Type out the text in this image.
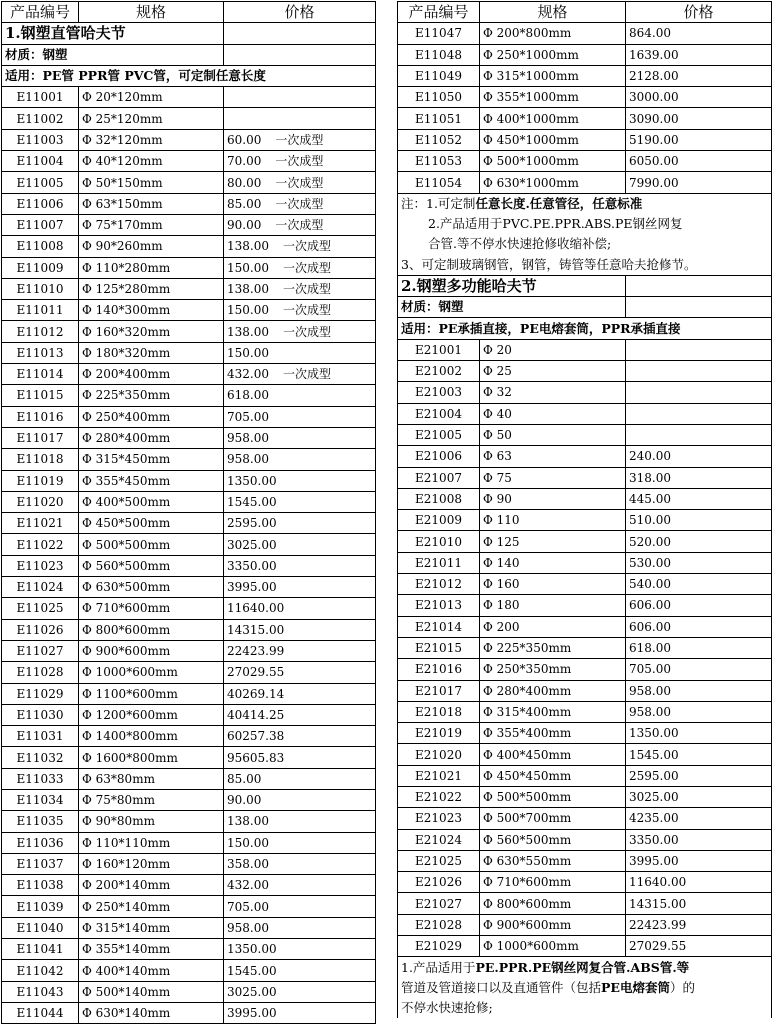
产品编号	规格	价格
1.钢塑直管哈夫节		
材质：钢塑		
适用：PE管 PPR管 PVC管，可定制任意长度		
E11001	Φ 20*120mm	
E11002	Φ 25*120mm	
E11003	Φ 32*120mm	60.00 一次成型
E11004	Φ 40*120mm	70.00 一次成型
E11005	Φ 50*150mm	80.00 一次成型
E11006	Φ 63*150mm	85.00 一次成型
E11007	Φ 75*170mm	90.00 一次成型
E11008	Φ 90*260mm	138.00 一次成型
E11009	Φ 110*280mm	150.00 一次成型
E11010	Φ 125*280mm	138.00 一次成型
E11011	Φ 140*300mm	150.00 一次成型
E11012	Φ 160*320mm	138.00 一次成型
E11013	Φ 180*320mm	150.00
E11014	Φ 200*400mm	432.00 一次成型
E11015	Φ 225*350mm	618.00
E11016	Φ 250*400mm	705.00
E11017	Φ 280*400mm	958.00
E11018	Φ 315*450mm	958.00
E11019	Φ 355*450mm	1350.00
E11020	Φ 400*500mm	1545.00
E11021	Φ 450*500mm	2595.00
E11022	Φ 500*500mm	3025.00
E11023	Φ 560*500mm	3350.00
E11024	Φ 630*500mm	3995.00
E11025	Φ 710*600mm	11640.00
E11026	Φ 800*600mm	14315.00
E11027	Φ 900*600mm	22423.99
E11028	Φ 1000*600mm	27029.55
E11029	Φ 1100*600mm	40269.14
E11030	Φ 1200*600mm	40414.25
E11031	Φ 1400*800mm	60257.38
E11032	Φ 1600*800mm	95605.83
E11033	Φ 63*80mm	85.00
E11034	Φ 75*80mm	90.00
E11035	Φ 90*80mm	138.00
E11036	Φ 110*110mm	150.00
E11037	Φ 160*120mm	358.00
E11038	Φ 200*140mm	432.00
E11039	Φ 250*140mm	705.00
E11040	Φ 315*140mm	958.00
E11041	Φ 355*140mm	1350.00
E11042	Φ 400*140mm	1545.00
E11043	Φ 500*140mm	3025.00
E11044	Φ 630*140mm	3995.00
产品编号	规格	价格
E11047	Φ 200*800mm	864.00
E11048	Φ 250*1000mm	1639.00
E11049	Φ 315*1000mm	2128.00
E11050	Φ 355*1000mm	3000.00
E11051	Φ 400*1000mm	3090.00
E11052	Φ 450*1000mm	5190.00
E11053	Φ 500*1000mm	6050.00
E11054	Φ 630*1000mm	7990.00
注：1.可定制任意长度.任意管径，任意标准		
2.产品适用于PVC.PE.PPR.ABS.PE钢丝网复		
合管.等不停水快速抢修收缩补偿;		
3、可定制玻璃钢管，钢管，铸管等任意哈夫抢修节。		
2.钢塑多功能哈夫节		
材质：钢塑		
适用：PE承插直接，PE电熔套筒，PPR承插直接		
E21001	Φ 20	
E21002	Φ 25	
E21003	Φ 32	
E21004	Φ 40	
E21005	Φ 50	
E21006	Φ 63	240.00
E21007	Φ 75	318.00
E21008	Φ 90	445.00
E21009	Φ 110	510.00
E21010	Φ 125	520.00
E21011	Φ 140	530.00
E21012	Φ 160	540.00
E21013	Φ 180	606.00
E21014	Φ 200	606.00
E21015	Φ 225*350mm	618.00
E21016	Φ 250*350mm	705.00
E21017	Φ 280*400mm	958.00
E21018	Φ 315*400mm	958.00
E21019	Φ 355*400mm	1350.00
E21020	Φ 400*450mm	1545.00
E21021	Φ 450*450mm	2595.00
E21022	Φ 500*500mm	3025.00
E21023	Φ 500*700mm	4235.00
E21024	Φ 560*500mm	3350.00
E21025	Φ 630*550mm	3995.00
E21026	Φ 710*600mm	11640.00
E21027	Φ 800*600mm	14315.00
E21028	Φ 900*600mm	22423.99
E21029	Φ 1000*600mm	27029.55
1.产品适用于PE.PPR.PE钢丝网复合管.ABS管.等		
管道及管道接口以及直通管件（包括PE电熔套筒）的		
不停水快速抢修;		
